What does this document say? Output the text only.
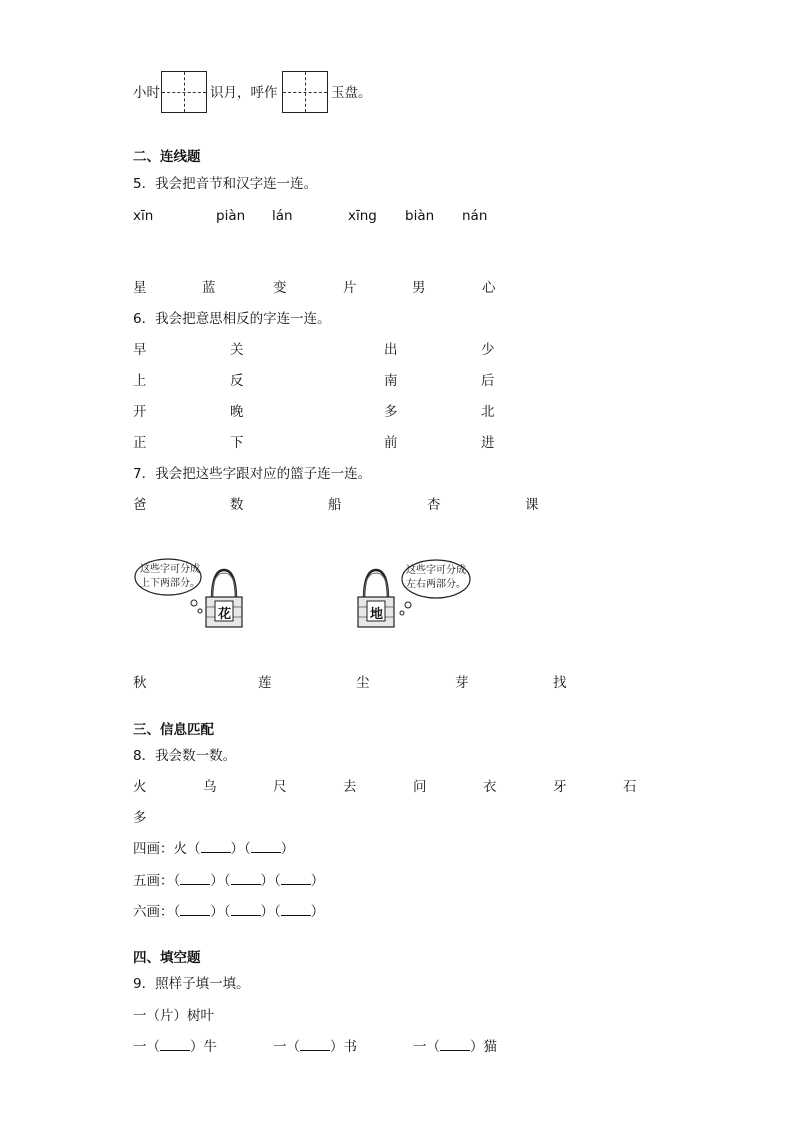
小时	识月，呼作	玉盘。
二、连线题
5．我会把音节和汉字连一连。
xīn	piàn lán	xīng biàn nán
星	蓝	变	片	男	心
6．我会把意思相反的字连一连。
早	关	出	少
上	反	南	后
开	晚	多	北
正	下	前	进
7．我会把这些字跟对应的篮子连一连。
爸	数	船	杏	课
这些字可分成
上下两部分。
花	地
这些字可分成
左右两部分。
秋	莲	尘	芽	找
三、信息匹配
8．我会数一数。
火	乌	尺	去	问	衣	牙	石
多
四画：火（ ）（ ）
五画：（ ）（ ）（ ）
六画：（ ）（ ）（ ）
四、填空题
9．照样子填一填。
一（片）树叶
一（ ）牛	一（ ）书	一（ ）猫
